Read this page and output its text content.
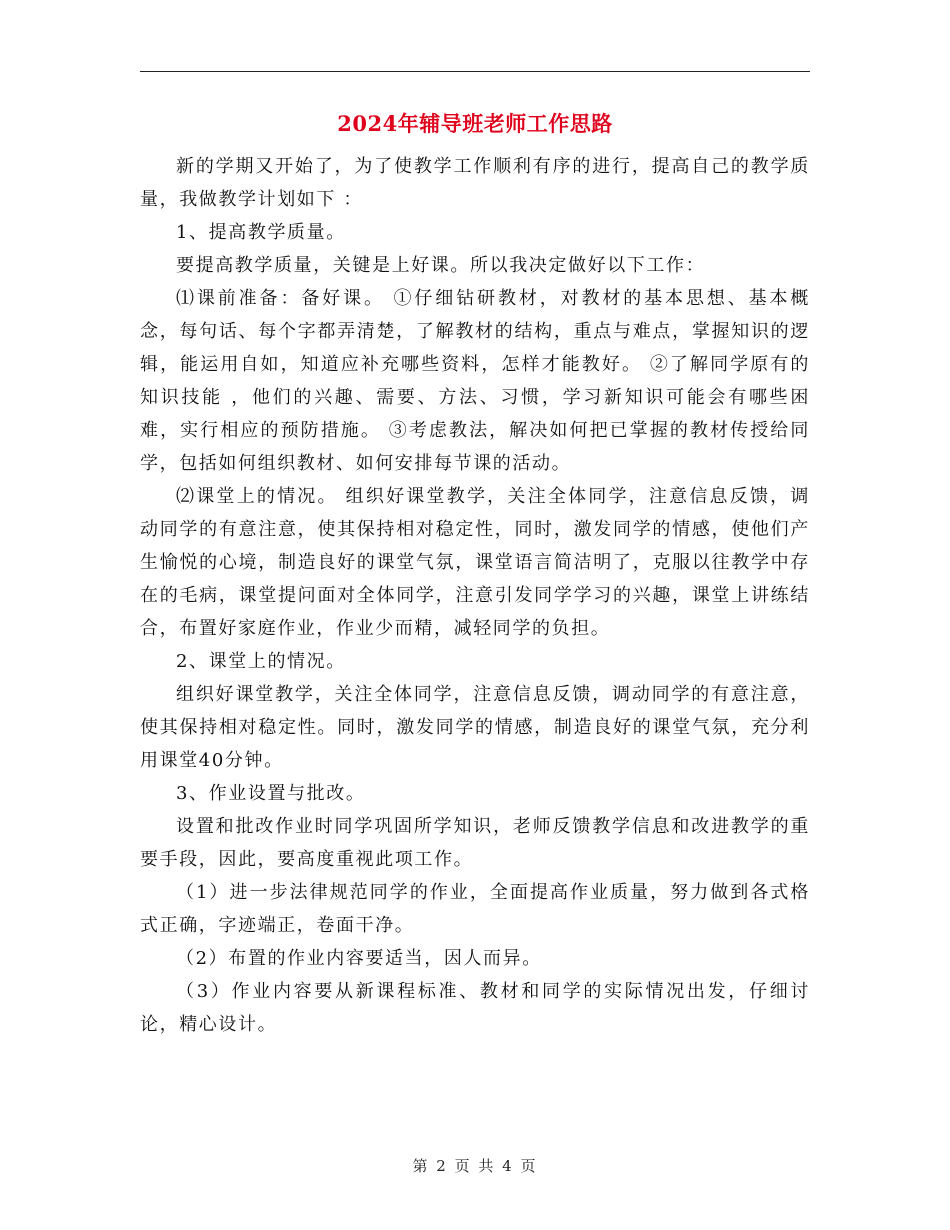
2024年辅导班老师工作思路

新的学期又开始了，为了使教学工作顺利有序的进行，提高自己的教学质量，我做教学计划如下 ：

1、提高教学质量。

要提高教学质量，关键是上好课。所以我决定做好以下工作：

⑴课前准备：备好课。 ①仔细钻研教材，对教材的基本思想、基本概念，每句话、每个字都弄清楚，了解教材的结构，重点与难点，掌握知识的逻辑，能运用自如，知道应补充哪些资料，怎样才能教好。 ②了解同学原有的知识技能 ，他们的兴趣、需要、方法、习惯，学习新知识可能会有哪些困难，实行相应的预防措施。 ③考虑教法，解决如何把已掌握的教材传授给同学，包括如何组织教材、如何安排每节课的活动。

⑵课堂上的情况。 组织好课堂教学，关注全体同学，注意信息反馈，调动同学的有意注意，使其保持相对稳定性，同时，激发同学的情感，使他们产生愉悦的心境，制造良好的课堂气氛，课堂语言简洁明了，克服以往教学中存在的毛病，课堂提问面对全体同学，注意引发同学学习的兴趣，课堂上讲练结合，布置好家庭作业，作业少而精，减轻同学的负担。

2、课堂上的情况。

组织好课堂教学，关注全体同学，注意信息反馈，调动同学的有意注意，使其保持相对稳定性。同时，激发同学的情感，制造良好的课堂气氛，充分利用课堂40分钟。

3、作业设置与批改。

设置和批改作业时同学巩固所学知识，老师反馈教学信息和改进教学的重要手段，因此，要高度重视此项工作。

（1）进一步法律规范同学的作业，全面提高作业质量，努力做到各式格式正确，字迹端正，卷面干净。

（2）布置的作业内容要适当，因人而异。

（3）作业内容要从新课程标准、教材和同学的实际情况出发，仔细讨论，精心设计。

第 2 页 共 4 页
